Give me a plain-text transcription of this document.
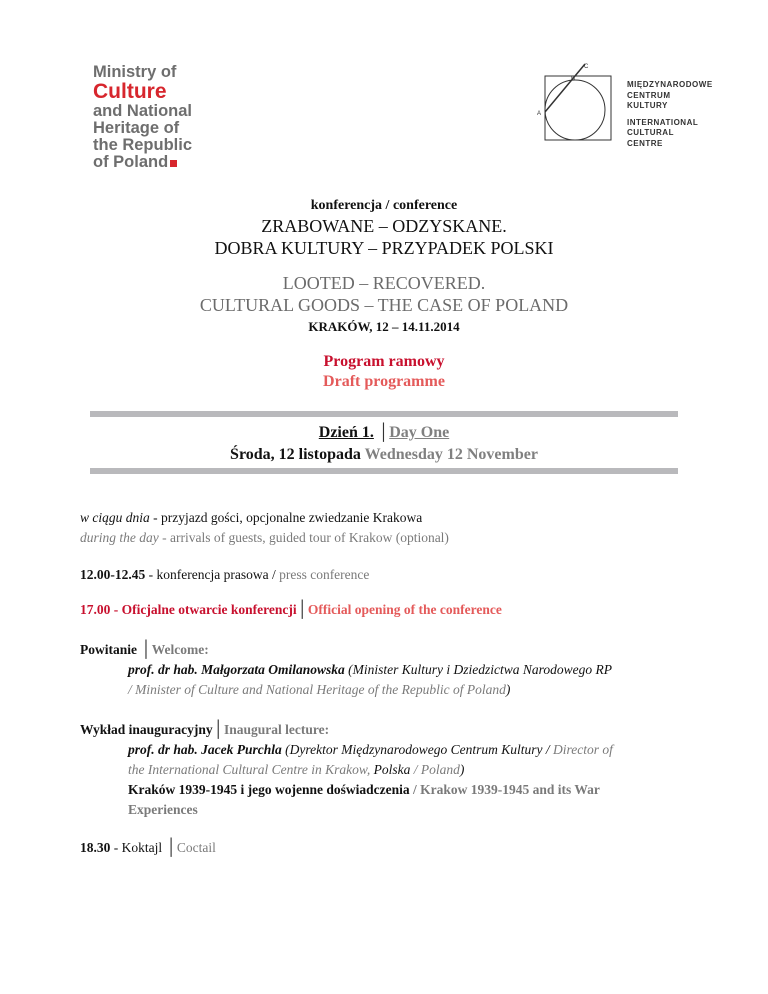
Ministry of
Culture
and National
Heritage of
the Republic
of Poland
A
B
C
MIĘDZYNARODOWE
CENTRUM
KULTURY
INTERNATIONAL
CULTURAL
CENTRE
konferencja / conference
ZRABOWANE – ODZYSKANE.
DOBRA KULTURY – PRZYPADEK POLSKI
LOOTED – RECOVERED.
CULTURAL GOODS – THE CASE OF POLAND
KRAKÓW, 12 – 14.11.2014
Program ramowy
Draft programme
Dzień 1. │Day One
Środa, 12 listopada Wednesday 12 November
w ciągu dnia - przyjazd gości, opcjonalne zwiedzanie Krakowa
during the day - arrivals of guests, guided tour of Krakow (optional)
12.00-12.45 - konferencja prasowa / press conference
17.00 - Oficjalne otwarcie konferencji│Official opening of the conference
Powitanie │Welcome:
prof. dr hab. Małgorzata Omilanowska (Minister Kultury i Dziedzictwa Narodowego RP
/ Minister of Culture and National Heritage of the Republic of Poland)
Wykład inauguracyjny│Inaugural lecture:
prof. dr hab. Jacek Purchla (Dyrektor Międzynarodowego Centrum Kultury / Director of
the International Cultural Centre in Krakow, Polska / Poland)
Kraków 1939-1945 i jego wojenne doświadczenia / Krakow 1939-1945 and its War
Experiences
18.30 - Koktajl │Coctail
